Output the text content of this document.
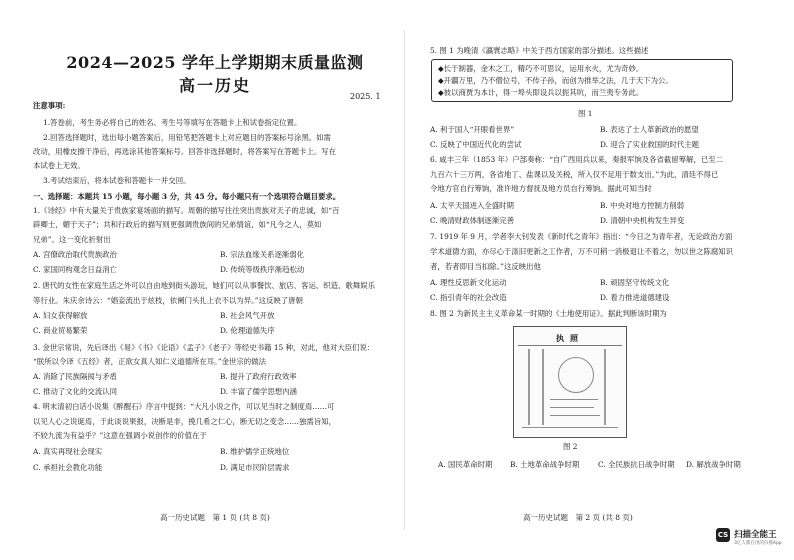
2024—2025 学年上学期期末质量监测
高一历史
2025. 1
注意事项:
1.答卷前，考生务必将自己的姓名、考生号等填写在答题卡上和试卷指定位置。
2.回答选择题时，选出每小题答案后，用铅笔把答题卡上对应题目的答案标号涂黑。如需
改动，用橡皮擦干净后，再选涂其他答案标号。回答非选择题时，将答案写在答题卡上。写在
本试卷上无效。
3.考试结束后，将本试卷和答题卡一并交回。
一、选择题：本题共 15 小题，每小题 3 分，共 45 分。每小题只有一个选项符合题目要求。
1.《诗经》中有大量关于贵族家宴场面的描写。周朝的描写往往突出贵族对天子的忠诚，如“百
辟卿士，媚于天子”；共和行政后的描写则更强调贵族间的兄弟情谊，如“凡今之人，莫如
兄弟”。这一变化折射出
A. 宫僚政治取代贵族政治	B. 宗法血缘关系逐渐弱化
C. 家国同构观念日益消亡	D. 传统等级秩序渐趋松动
2. 唐代的女性在家庭生活之外可以自由地到街头游玩，她们可以从事餐饮、旅店、客运、织造、歌舞娱乐
等行业。朱庆余诗云：“娼妾流出于炫枝，依阑门头扎上衣不以为异。”这反映了唐朝
A. 妇女获得解放	B. 社会风气开放
C. 商业贸易繁荣	D. 伦理道德失序
3. 金世宗常说，先后译出《易》《书》《论语》《孟子》《老子》等经史书籍 15 种，对此，他对大臣们说：
“朕所以令译《五经》者，正欲女真人知仁义道德所在耳。”金世宗的做法
A. 消除了民族隔阂与矛盾	B. 提升了政府行政效率
C. 推动了文化的交流认同	D. 丰富了儒学思想内涵
4. 明末清初白话小说集《醉醒石》序言中提到：“大凡小说之作，可以见当时之制度焉……可
以见人心之说诞焉，于此谈说果报，决断是非，挽几希之仁心，断无切之变念……独需旨知，
不较九流为有益乎？”这意在强调小说创作的价值在于
A. 真实再现社会现实	B. 维护儒学正统地位
C. 承担社会教化功能	D. 满足市民阶层需求
高一历史试题　第 1 页 (共 8 页)
5. 图 1 为晚清《瀛寰志略》中关于西方国家的部分描述。这些描述
A. 利于国人“开眼看世界”	B. 表达了士人革新政治的愿望
C. 反映了中国近代化的尝试	D. 迎合了实业救国的时代主题
6. 咸丰三年（1853 年）户部奏称：“自广西用兵以来，奏报军饷及各省截留筹解，已至二
九百六十三万两，各省地丁、盐课以及关税，所入仅不足用于数支出，”为此，清廷不得已
令地方官自行筹饷，准许地方督抚及地方员自行筹饷。据此可知当时
A. 太平天国进入全盛时期	B. 中央对地方控制力削弱
C. 晚清财政体制逐渐完善	D. 清朝中央机构发生异变
7. 1919 年 9 月，学者李大钊发表《新时代之青年》指出：“今日之为青年者，无论政治方面
学术道德方面，亦尽心于涤旧更新之工作者，万不可稍一消极退让不着之，勿以世之陈腐知识
者，若者即目当扣除。”这反映出他
A. 理性反思新文化运动	B. 顽固坚守传统文化
C. 指引青年的社会改造	D. 着力推进道德建设
8. 图 2 为新民主主义革命某一时期的《土地使用证》。据此判断该时期为
高一历史试题　第 2 页 (共 8 页)
◆长于制器，金木之工，精巧不可思议，运用水火，尤为奇妙。
◆开疆万里，乃不僧位号，不传子孙，而创为推举之法，几于天下为公。
◆彼以商贾为本计，得一埠头即设兵以扼其吭，而兰夷专务此。
图 1
执照
图 2
A. 国民革命时期 B. 土地革命战争时期	C. 全民族抗日战争时期 D. 解放战争时期
CS 扫描全能王
3亿人都在用的扫描App
